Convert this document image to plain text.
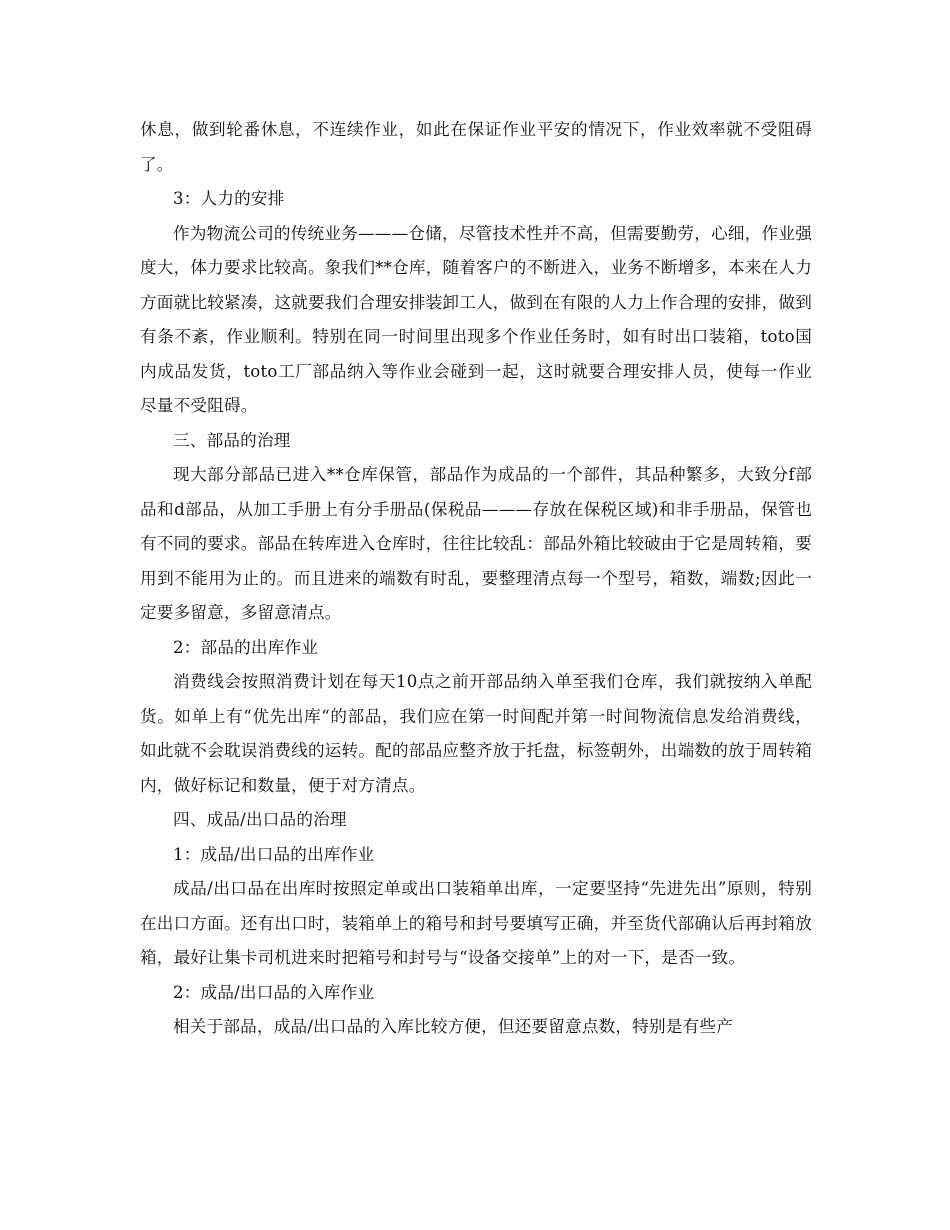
休息，做到轮番休息，不连续作业，如此在保证作业平安的情况下，作业效率就不受阻碍了。

3：人力的安排

作为物流公司的传统业务———仓储，尽管技术性并不高，但需要勤劳，心细，作业强度大，体力要求比较高。象我们**仓库，随着客户的不断进入，业务不断增多，本来在人力方面就比较紧凑，这就要我们合理安排装卸工人，做到在有限的人力上作合理的安排，做到有条不紊，作业顺利。特别在同一时间里出现多个作业任务时，如有时出口装箱，toto国内成品发货，toto工厂部品纳入等作业会碰到一起，这时就要合理安排人员，使每一作业尽量不受阻碍。

三、部品的治理

现大部分部品已进入**仓库保管，部品作为成品的一个部件，其品种繁多，大致分f部品和d部品，从加工手册上有分手册品(保税品———存放在保税区域)和非手册品，保管也有不同的要求。部品在转库进入仓库时，往往比较乱：部品外箱比较破由于它是周转箱，要用到不能用为止的。而且进来的端数有时乱，要整理清点每一个型号，箱数，端数;因此一定要多留意，多留意清点。

2：部品的出库作业

消费线会按照消费计划在每天10点之前开部品纳入单至我们仓库，我们就按纳入单配货。如单上有“优先出库“的部品，我们应在第一时间配并第一时间物流信息发给消费线，如此就不会耽误消费线的运转。配的部品应整齐放于托盘，标签朝外，出端数的放于周转箱内，做好标记和数量，便于对方清点。

四、成品/出口品的治理

1：成品/出口品的出库作业

成品/出口品在出库时按照定单或出口装箱单出库，一定要坚持“先进先出”原则，特别在出口方面。还有出口时，装箱单上的箱号和封号要填写正确，并至货代部确认后再封箱放箱，最好让集卡司机进来时把箱号和封号与“设备交接单”上的对一下，是否一致。

2：成品/出口品的入库作业

相关于部品，成品/出口品的入库比较方便，但还要留意点数，特别是有些产
